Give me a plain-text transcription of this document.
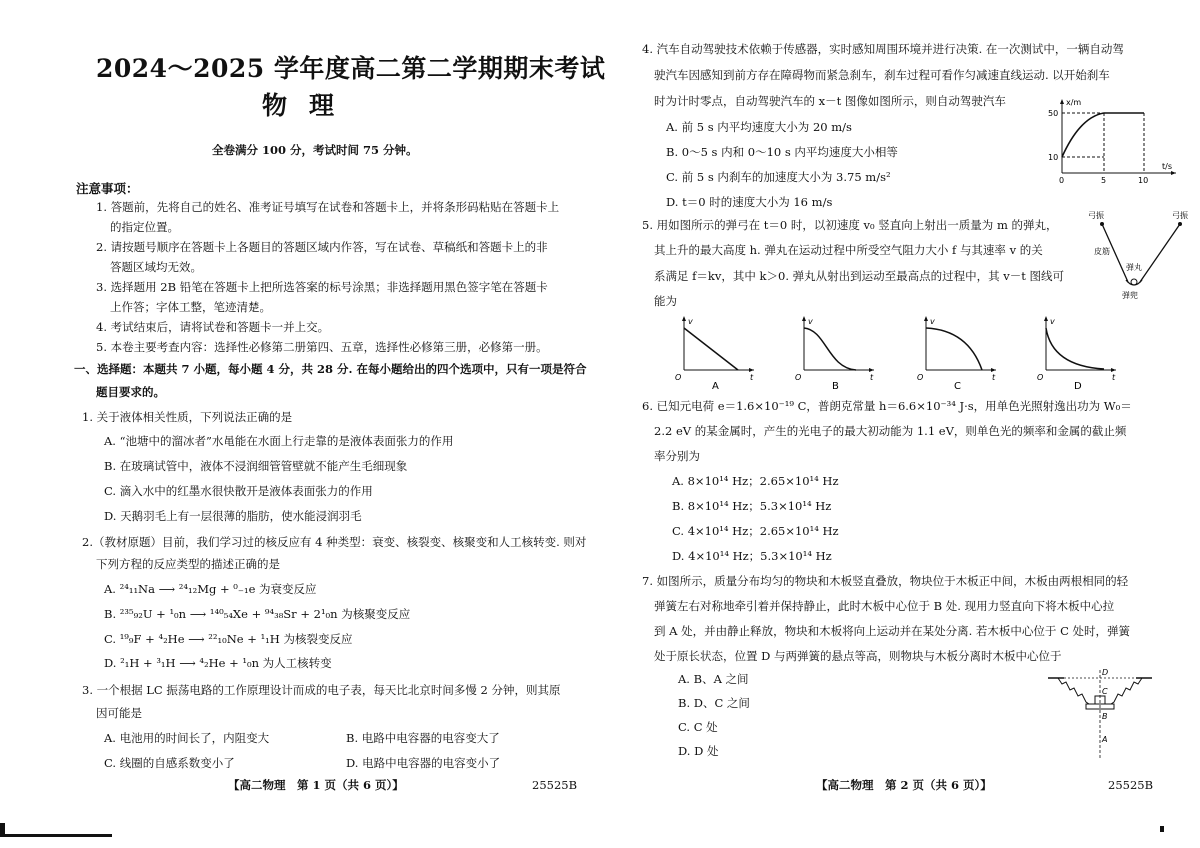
2024～2025 学年度高二第二学期期末考试
物理
全卷满分 100 分，考试时间 75 分钟。
注意事项：
1. 答题前，先将自己的姓名、准考证号填写在试卷和答题卡上，并将条形码粘贴在答题卡上
的指定位置。
2. 请按题号顺序在答题卡上各题目的答题区域内作答，写在试卷、草稿纸和答题卡上的非
答题区域均无效。
3. 选择题用 2B 铅笔在答题卡上把所选答案的标号涂黑；非选择题用黑色签字笔在答题卡
上作答；字体工整，笔迹清楚。
4. 考试结束后，请将试卷和答题卡一并上交。
5. 本卷主要考查内容：选择性必修第二册第四、五章，选择性必修第三册，必修第一册。
一、选择题：本题共 7 小题，每小题 4 分，共 28 分. 在每小题给出的四个选项中，只有一项是符合
题目要求的。
1. 关于液体相关性质，下列说法正确的是
A. “池塘中的溜冰者”水黾能在水面上行走靠的是液体表面张力的作用
B. 在玻璃试管中，液体不浸润细管管壁就不能产生毛细现象
C. 滴入水中的红墨水很快散开是液体表面张力的作用
D. 天鹅羽毛上有一层很薄的脂肪，使水能浸润羽毛
2.（教材原题）目前，我们学习过的核反应有 4 种类型：衰变、核裂变、核聚变和人工核转变. 则对
下列方程的反应类型的描述正确的是
A. ²⁴₁₁Na ⟶ ²⁴₁₂Mg + ⁰₋₁e 为衰变反应
B. ²³⁵₉₂U + ¹₀n ⟶ ¹⁴⁰₅₄Xe + ⁹⁴₃₈Sr + 2¹₀n 为核聚变反应
C. ¹⁹₉F + ⁴₂He ⟶ ²²₁₀Ne + ¹₁H 为核裂变反应
D. ²₁H + ³₁H ⟶ ⁴₂He + ¹₀n 为人工核转变
3. 一个根据 LC 振荡电路的工作原理设计而成的电子表，每天比北京时间多慢 2 分钟，则其原
因可能是
A. 电池用的时间长了，内阻变大	B. 电路中电容器的电容变大了
C. 线圈的自感系数变小了	D. 电路中电容器的电容变小了
【高二物理　第 1 页（共 6 页）】	25525B
4. 汽车自动驾驶技术依赖于传感器，实时感知周围环境并进行决策. 在一次测试中，一辆自动驾
驶汽车因感知到前方存在障碍物而紧急刹车，刹车过程可看作匀减速直线运动. 以开始刹车
时为计时零点，自动驾驶汽车的 x－t 图像如图所示，则自动驾驶汽车
A. 前 5 s 内平均速度大小为 20 m/s
B. 0～5 s 内和 0～10 s 内平均速度大小相等
C. 前 5 s 内刹车的加速度大小为 3.75 m/s²
D. t＝0 时的速度大小为 16 m/s
x/m
t/s
50
10
0	5	10
5. 用如图所示的弹弓在 t＝0 时，以初速度 v₀ 竖直向上射出一质量为 m 的弹丸，
其上升的最大高度 h. 弹丸在运动过程中所受空气阻力大小 f 与其速率 v 的关
系满足 f＝kv，其中 k＞0. 弹丸从射出到运动至最高点的过程中，其 v－t 图线可
能为
弓振	弓振
皮筋
弹丸
弹兜
v
t
O
A
v
t
O
B
v
t
O
C
v
t
O
D
6. 已知元电荷 e＝1.6×10⁻¹⁹ C，普朗克常量 h＝6.6×10⁻³⁴ J·s，用单色光照射逸出功为 W₀＝
2.2 eV 的某金属时，产生的光电子的最大初动能为 1.1 eV，则单色光的频率和金属的截止频
率分别为
A. 8×10¹⁴ Hz；2.65×10¹⁴ Hz
B. 8×10¹⁴ Hz；5.3×10¹⁴ Hz
C. 4×10¹⁴ Hz；2.65×10¹⁴ Hz
D. 4×10¹⁴ Hz；5.3×10¹⁴ Hz
7. 如图所示，质量分布均匀的物块和木板竖直叠放，物块位于木板正中间，木板由两根相同的轻
弹簧左右对称地牵引着并保持静止，此时木板中心位于 B 处. 现用力竖直向下将木板中心拉
到 A 处，并由静止释放，物块和木板将向上运动并在某处分离. 若木板中心位于 C 处时，弹簧
处于原长状态，位置 D 与两弹簧的悬点等高，则物块与木板分离时木板中心位于
A. B、A 之间
B. D、C 之间
C. C 处
D. D 处
D
C
B
A
【高二物理　第 2 页（共 6 页）】	25525B
